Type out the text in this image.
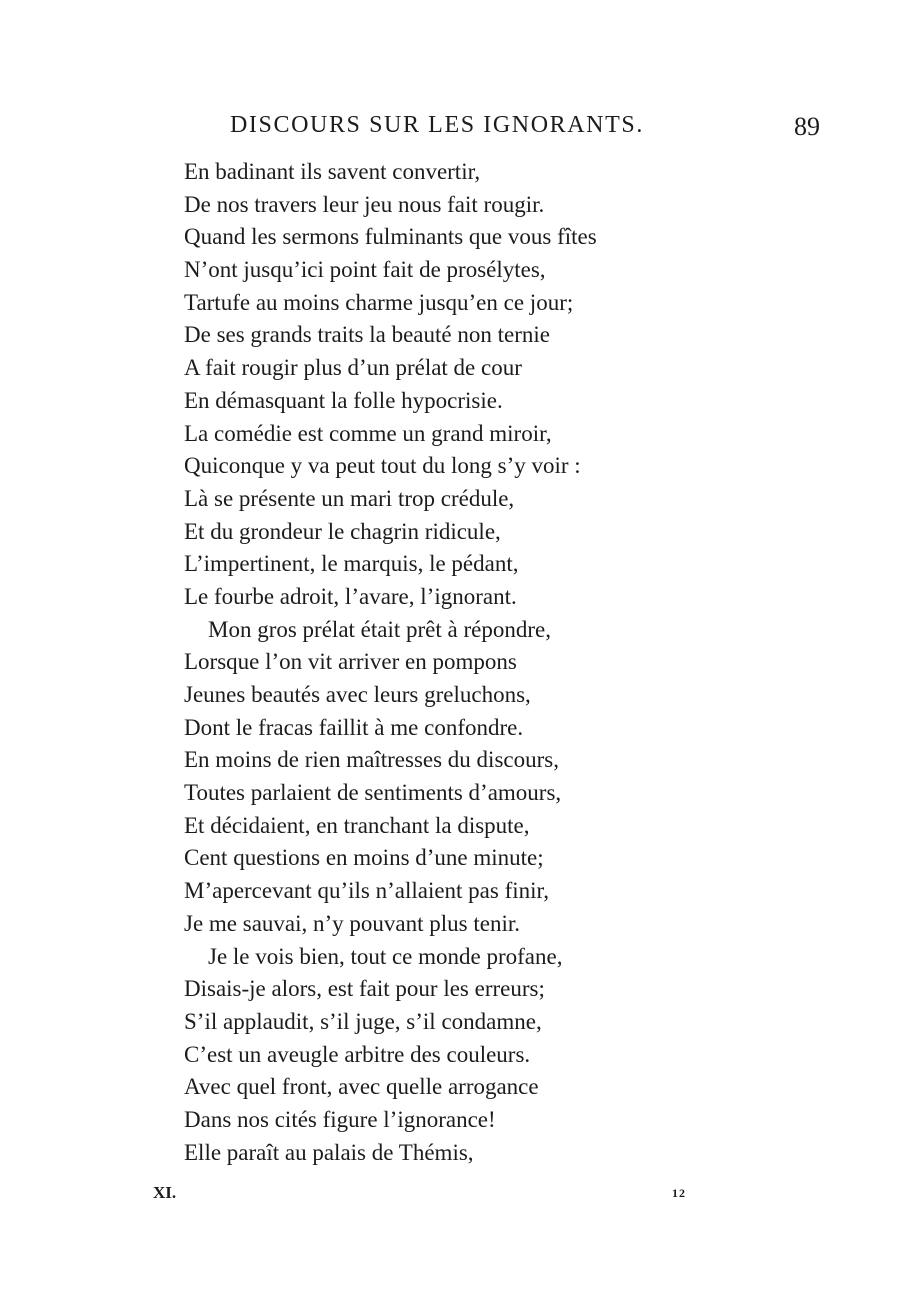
DISCOURS SUR LES IGNORANTS.	89
En badinant ils savent convertir,
De nos travers leur jeu nous fait rougir.
Quand les sermons fulminants que vous fîtes
N’ont jusqu’ici point fait de prosélytes,
Tartufe au moins charme jusqu’en ce jour;
De ses grands traits la beauté non ternie
A fait rougir plus d’un prélat de cour
En démasquant la folle hypocrisie.
La comédie est comme un grand miroir,
Quiconque y va peut tout du long s’y voir :
Là se présente un mari trop crédule,
Et du grondeur le chagrin ridicule,
L’impertinent, le marquis, le pédant,
Le fourbe adroit, l’avare, l’ignorant.
Mon gros prélat était prêt à répondre,
Lorsque l’on vit arriver en pompons
Jeunes beautés avec leurs greluchons,
Dont le fracas faillit à me confondre.
En moins de rien maîtresses du discours,
Toutes parlaient de sentiments d’amours,
Et décidaient, en tranchant la dispute,
Cent questions en moins d’une minute;
M’apercevant qu’ils n’allaient pas finir,
Je me sauvai, n’y pouvant plus tenir.
Je le vois bien, tout ce monde profane,
Disais-je alors, est fait pour les erreurs;
S’il applaudit, s’il juge, s’il condamne,
C’est un aveugle arbitre des couleurs.
Avec quel front, avec quelle arrogance
Dans nos cités figure l’ignorance!
Elle paraît au palais de Thémis,
XI.	12
